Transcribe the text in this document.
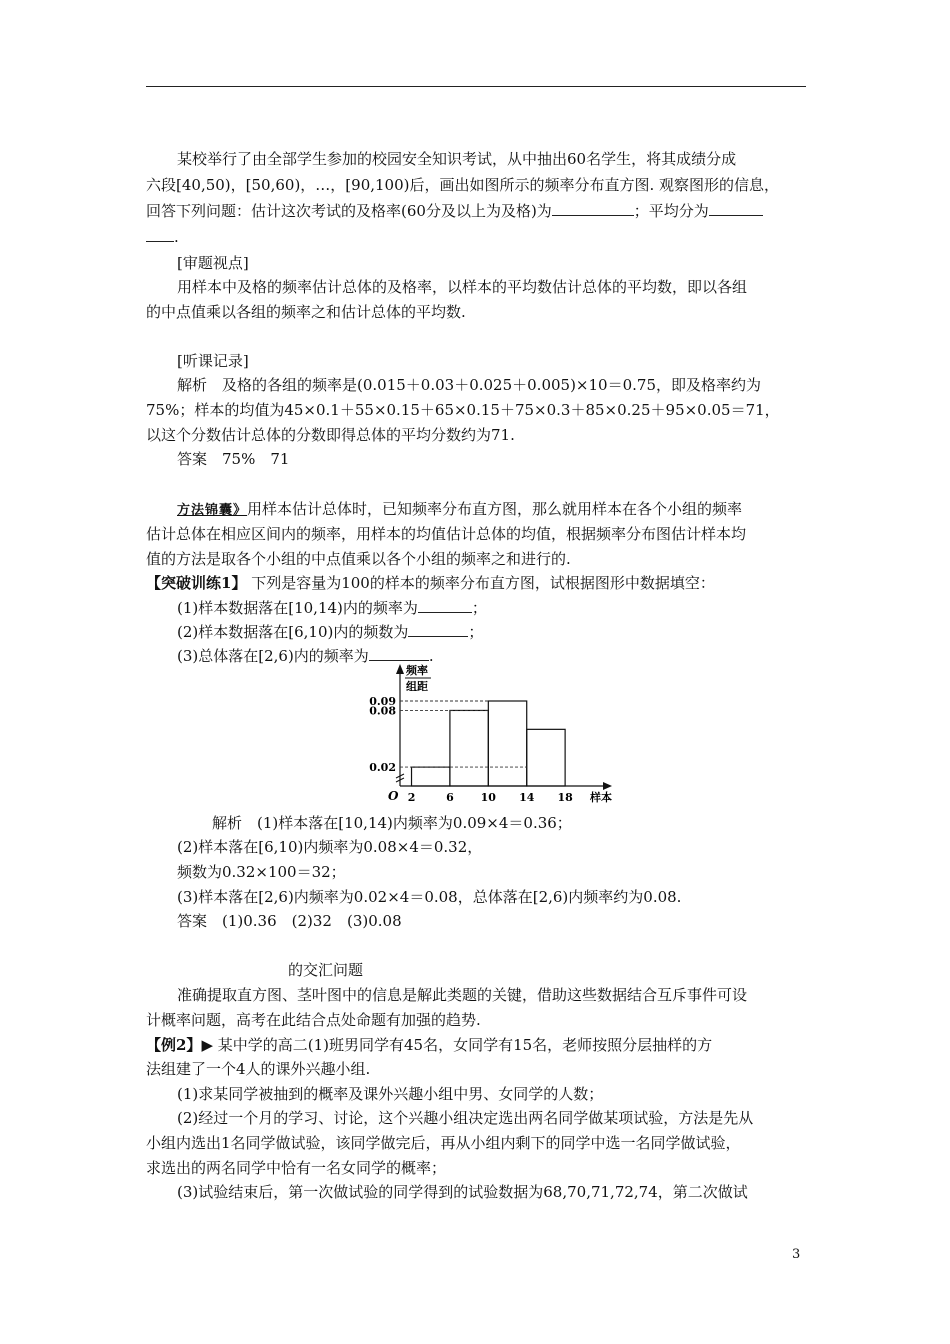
某校举行了由全部学生参加的校园安全知识考试，从中抽出60名学生，将其成绩分成
六段[40,50)，[50,60)，…，[90,100)后，画出如图所示的频率分布直方图. 观察图形的信息，
回答下列问题：估计这次考试的及格率(60分及以上为及格)为	；平均分为
.
[审题视点]
用样本中及格的频率估计总体的及格率，以样本的平均数估计总体的平均数，即以各组
的中点值乘以各组的频率之和估计总体的平均数.
[听课记录]
解析　及格的各组的频率是(0.015＋0.03＋0.025＋0.005)×10＝0.75，即及格率约为
75%；样本的均值为45×0.1＋55×0.15＋65×0.15＋75×0.3＋85×0.25＋95×0.05＝71，
以这个分数估计总体的分数即得总体的平均分数约为71.
答案　75%　71
方法锦囊》用样本估计总体时，已知频率分布直方图，那么就用样本在各个小组的频率
估计总体在相应区间内的频率，用样本的均值估计总体的均值，根据频率分布图估计样本均
值的方法是取各个小组的中点值乘以各个小组的频率之和进行的.
【突破训练1】 下列是容量为100的样本的频率分布直方图，试根据图形中数据填空：
(1)样本数据落在[10,14)内的频率为	；
(2)样本数据落在[6,10)内的频数为	；
(3)总体落在[2,6)内的频率为	.
0.02
0.08
0.09
2	6 10 14 18
O	样本
频率
组距
解析　(1)样本落在[10,14)内频率为0.09×4＝0.36；
(2)样本落在[6,10)内频率为0.08×4＝0.32，
频数为0.32×100＝32；
(3)样本落在[2,6)内频率为0.02×4＝0.08，总体落在[2,6)内频率约为0.08.
答案　(1)0.36　(2)32　(3)0.08
的交汇问题
准确提取直方图、茎叶图中的信息是解此类题的关键，借助这些数据结合互斥事件可设
计概率问题，高考在此结合点处命题有加强的趋势.
【例2】▶ 某中学的高二(1)班男同学有45名，女同学有15名，老师按照分层抽样的方
法组建了一个4人的课外兴趣小组.
(1)求某同学被抽到的概率及课外兴趣小组中男、女同学的人数；
(2)经过一个月的学习、讨论，这个兴趣小组决定选出两名同学做某项试验，方法是先从
小组内选出1名同学做试验，该同学做完后，再从小组内剩下的同学中选一名同学做试验，
求选出的两名同学中恰有一名女同学的概率；
(3)试验结束后，第一次做试验的同学得到的试验数据为68,70,71,72,74，第二次做试
3
